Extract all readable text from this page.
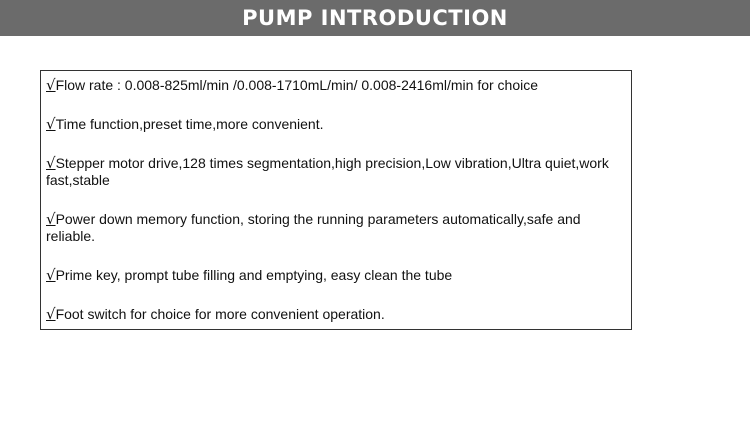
PUMP INTRODUCTION
√Flow rate : 0.008-825ml/min /0.008-1710mL/min/ 0.008-2416ml/min for choice
√Time function,preset time,more convenient.
√Stepper motor drive,128 times segmentation,high precision,Low vibration,Ultra quiet,work fast,stable
√Power down memory function, storing the running parameters automatically,safe and reliable.
√Prime key, prompt tube filling and emptying, easy clean the tube
√Foot switch for choice for more convenient operation.
